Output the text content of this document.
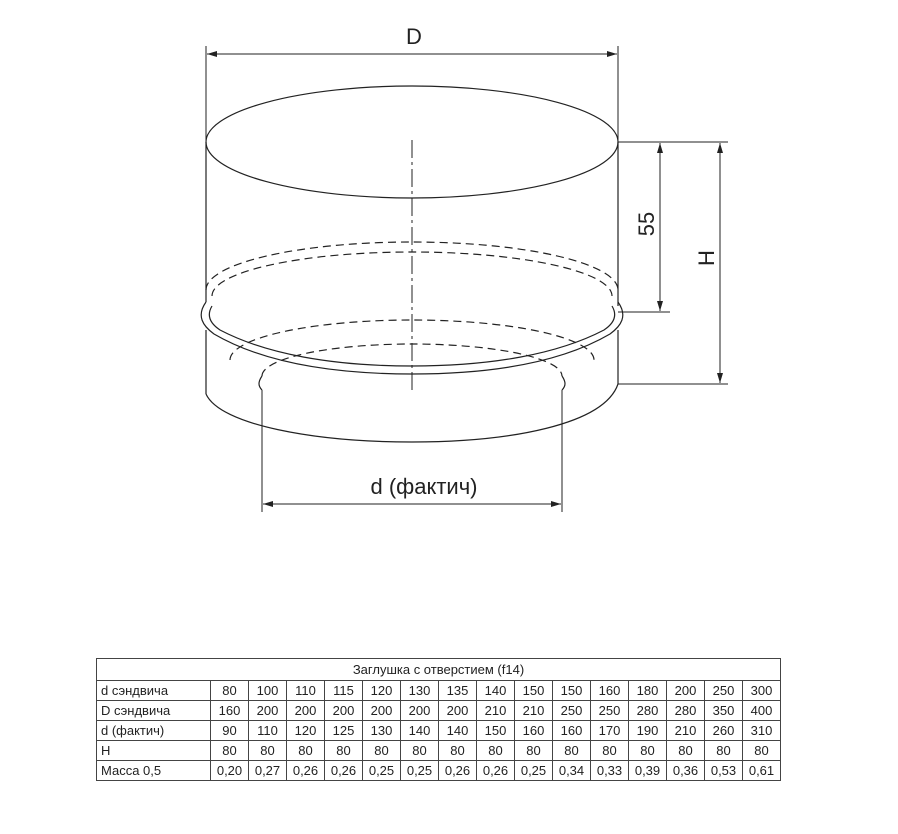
D
55
H
d (фактич)
Заглушка с отверстием (f14)															
d сэндвича	80	100	110	115	120	130	135	140	150	150	160	180	200	250	300
D сэндвича	160	200	200	200	200	200	200	210	210	250	250	280	280	350	400
d (фактич)	90	110	120	125	130	140	140	150	160	160	170	190	210	260	310
H	80	80	80	80	80	80	80	80	80	80	80	80	80	80	80
Масса 0,5	0,20	0,27	0,26	0,26	0,25	0,25	0,26	0,26	0,25	0,34	0,33	0,39	0,36	0,53	0,61
